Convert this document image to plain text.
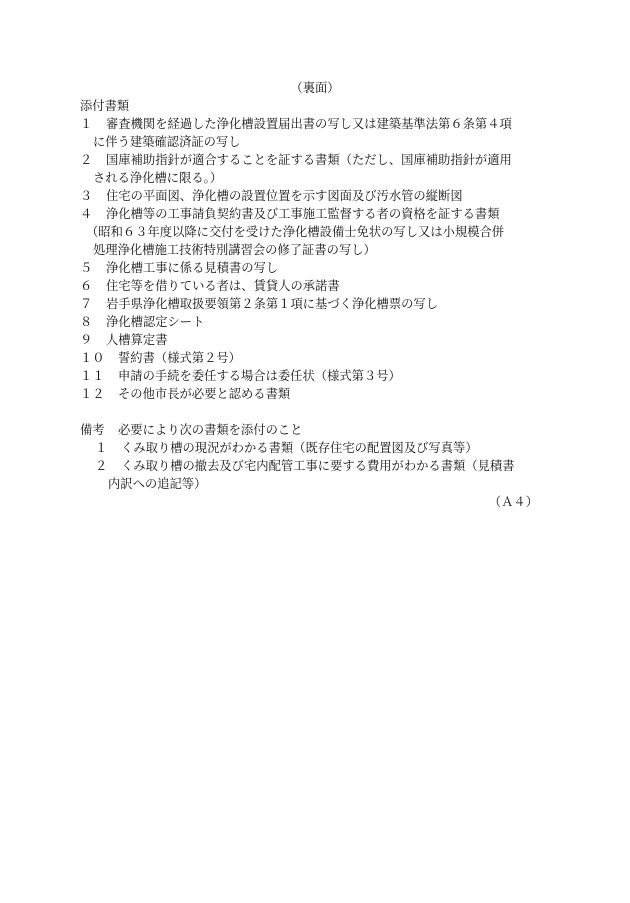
（裏面）
添付書類
１ 審査機関を経過した浄化槽設置届出書の写し又は建築基準法第６条第４項
に伴う建築確認済証の写し
２ 国庫補助指針が適合することを証する書類（ただし、国庫補助指針が適用
される浄化槽に限る。）
３ 住宅の平面図、浄化槽の設置位置を示す図面及び汚水管の縦断図
４ 浄化槽等の工事請負契約書及び工事施工監督する者の資格を証する書類
（昭和６３年度以降に交付を受けた浄化槽設備士免状の写し又は小規模合併
処理浄化槽施工技術特別講習会の修了証書の写し）
５ 浄化槽工事に係る見積書の写し
６ 住宅等を借りている者は、賃貸人の承諾書
７ 岩手県浄化槽取扱要領第２条第１項に基づく浄化槽票の写し
８ 浄化槽認定シート
９ 人槽算定書
１０ 誓約書（様式第２号）
１１ 申請の手続を委任する場合は委任状（様式第３号）
１２ その他市長が必要と認める書類
備考 必要により次の書類を添付のこと
１ くみ取り槽の現況がわかる書類（既存住宅の配置図及び写真等）
２ くみ取り槽の撤去及び宅内配管工事に要する費用がわかる書類（見積書
内訳への追記等）
（Ａ４）
